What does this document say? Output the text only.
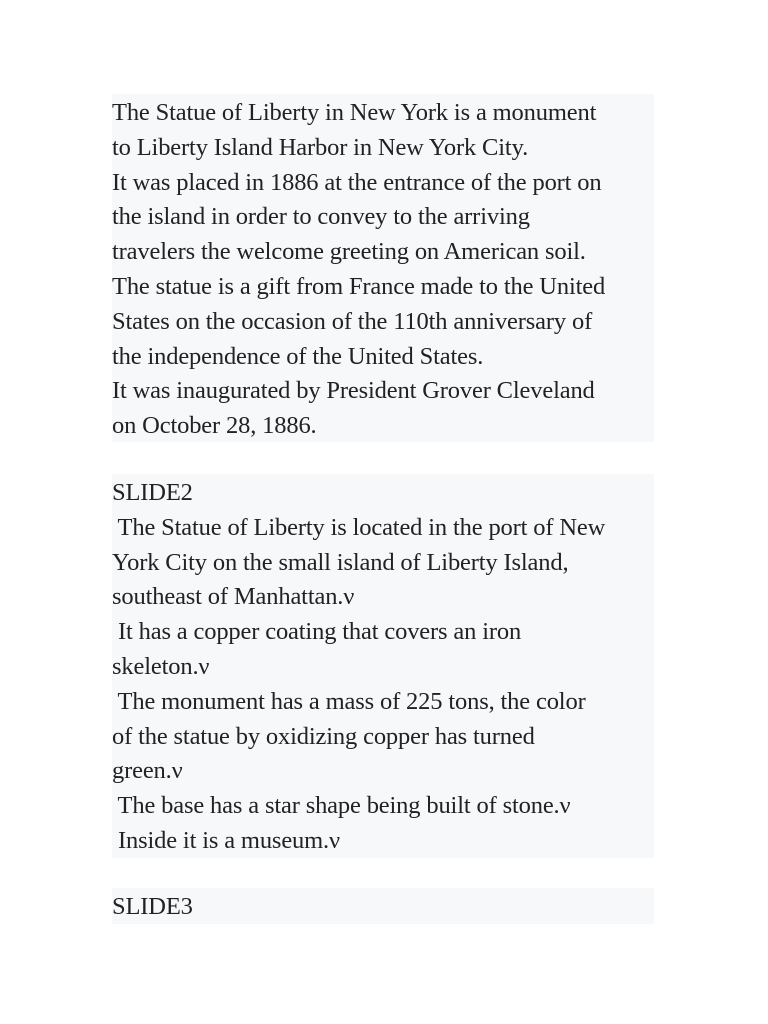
The Statue of Liberty in New York is a monument
to Liberty Island Harbor in New York City.
It was placed in 1886 at the entrance of the port on
the island in order to convey to the arriving
travelers the welcome greeting on American soil.
The statue is a gift from France made to the United
States on the occasion of the 110th anniversary of
the independence of the United States.
It was inaugurated by President Grover Cleveland
on October 28, 1886.
SLIDE2
The Statue of Liberty is located in the port of New
York City on the small island of Liberty Island,
southeast of Manhattan.ν
It has a copper coating that covers an iron
skeleton.ν
The monument has a mass of 225 tons, the color
of the statue by oxidizing copper has turned
green.ν
The base has a star shape being built of stone.ν
Inside it is a museum.ν
SLIDE3
